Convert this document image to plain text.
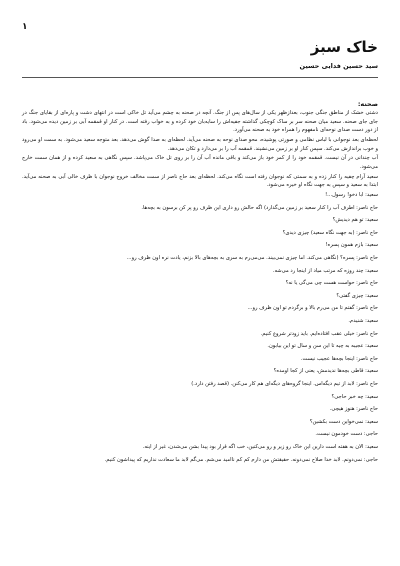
۱
خاک سبز
سید حسین فدایی حسین
صحنه:

دشتی خشک از مناطق جنگی جنوب، بعدازظهر یکی از سال‌های پس از جنگ. آنچه در صحنه به چشم می‌آید تل خاکی است در انتهای دشت و پاره‌ای از بقایای جنگ در جای جای صحنه. سعید میان صحنه سر بر ساک کوچکی گذاشته جفیه‌اش را سایه‌بان خود کرده و به خواب رفته است. در کنار او قمقمه آبی بر زمین دیده می‌شود. باد از دور دست صدای نوحه‌ای نامفهوم را همراه خود به صحنه می‌آورد.

لحظه‌ای بعد نوجوانی با لباس نظامی و صورتی پوشیده، محو صدای نوحه به صحنه می‌آید. لحظه‌ای به صدا گوش می‌دهد. بعد متوجه سعید می‌شود. به سمت او می‌رود و خوب براندازش می‌کند. سپس کنار او بر زمین می‌نشیند. قمقمه آب را بر می‌دارد و تکان می‌دهد.

آب چندانی در آن نیست. قمقمه خود را از کمر خود باز می‌کند و باقی مانده آب آن را بر روی تل خاک می‌پاشد. سپس نگاهی به سعید کرده و از همان سمت خارج می‌شود.

سعید آرام چفیه را کنار زده و به سمتی که نوجوان رفته است نگاه می‌کند. لحظه‌ای بعد حاج ناصر از سمت مخالف خروج نوجوان با ظرف خالی آبی به صحنه می‌آید. ابتدا به سعید و سپس به جهت نگاه او خیره می‌شود.

سعید: ابا دخو! رسول...!

حاج ناصر: اطرف آب را کنار سعید بر زمین می‌گذارد) اگه حالش رو داری این ظرف رو پر کن برسون به بچه‌ها.

سعید: تو هم دیدیش؟

حاج ناصر: (به جهت نگاه سعید) چیزی دیدی؟

سعید: بازم همون پسره!

حاج ناصر: پسره؟ (نگاهی می‌کند. اما چیزی نمی‌بیند. می‌می‌رم به سری به بچه‌های بالا بزنم، یادت نره اون ظرف رو...

سعید: چند روزه که مرتب میاد از اینجا رد می‌شه.

حاج ناصر: حواست هست چی می‌گی یا نه؟

سعید: چیزی گفتی؟

حاج ناصر: گفتم تا من می‌رم بالا و برگردم تو اون ظرف رو...

سعید: شنیدم.

حاج ناصر: خیلی عقب افتاده‌ایم. باید زودتر شروع کنیم.

سعید: عجیبه به چیه تا این سن و سال تو این بیابون.

حاج ناصر: اینجا بچه‌ها عجیب نیست.

سعید: قاطی بچه‌ها ندیدمش، یعنی از کجا اومده؟

حاج ناصر: لابد از تیم دیگه‌اس. اینجا گروه‌های دیگه‌ای هم کار می‌کنن. (قصد رفتن دارد.)

سعید: چه خبر حاجی؟

حاج ناصر: هنوز هیچی.

سعید: نمی‌خواین دست بکشین؟

حاجی: دست خودمون نیست.

سعید: الان به هفته است دارین این خاک رو زیر و رو می‌کنین، خب اگه قرار بود پیدا بشن می‌شدن، غیر از اینه.

حاجی: نمی‌دونم. لابد خدا صلاح نمی‌دونه. حقیقتش من دارم کم کم ناامید می‌شم. می‌گم لابد ما سعادت نداریم که پیداشون کنیم.
